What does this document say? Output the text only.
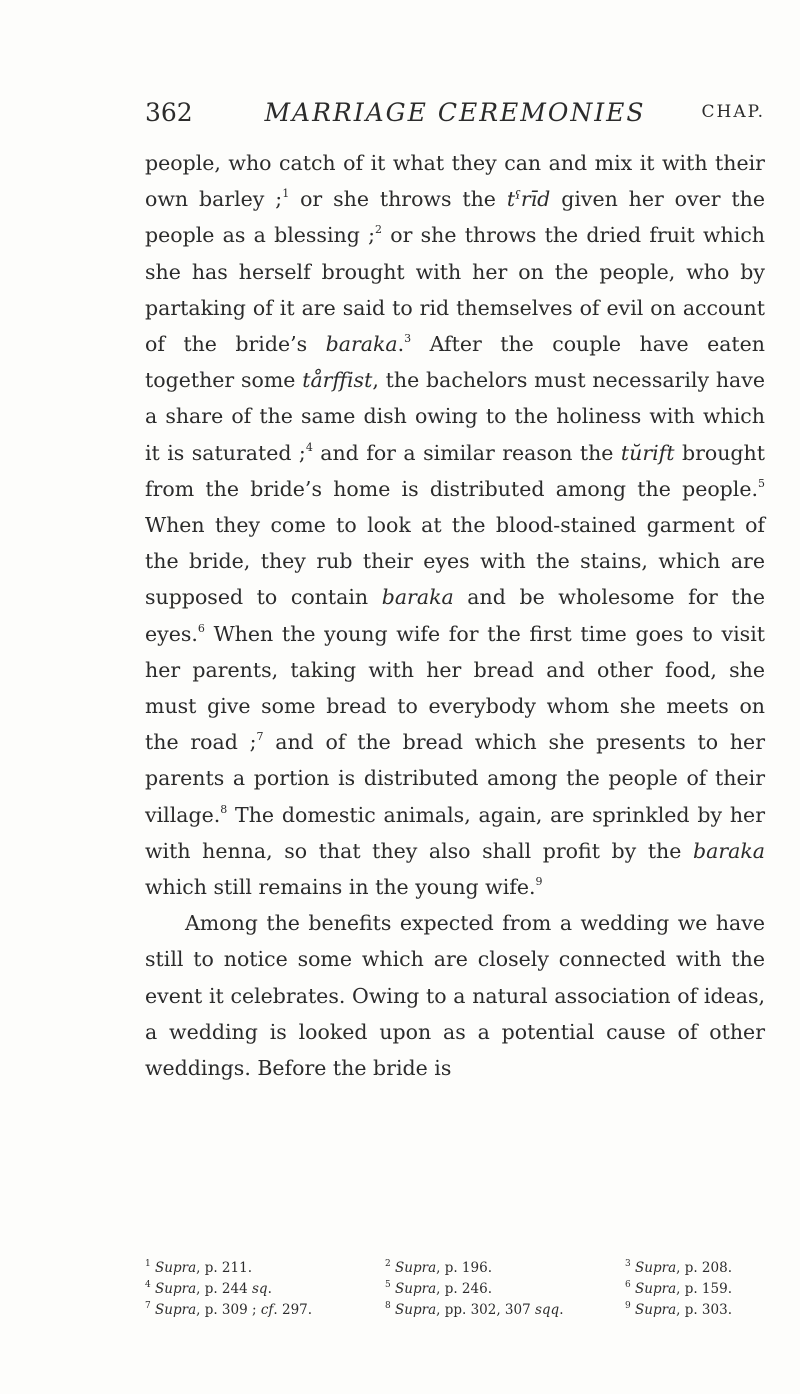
362	MARRIAGE CEREMONIES	CHAP.

people, who catch of it what they can and mix it with their own barley ;$^1$ or she throws the tˁrīd given her over the people as a blessing ;$^2$ or she throws the dried fruit which she has herself brought with her on the people, who by partaking of it are said to rid themselves of evil on account of the bride’s baraka.$^3$ After the couple have eaten together some tårffist, the bachelors must necessarily have a share of the same dish owing to the holiness with which it is saturated ;$^4$ and for a similar reason the tŭrift brought from the bride’s home is distributed among the people.$^5$ When they come to look at the blood-stained garment of the bride, they rub their eyes with the stains, which are supposed to contain baraka and be wholesome for the eyes.$^6$ When the young wife for the first time goes to visit her parents, taking with her bread and other food, she must give some bread to everybody whom she meets on the road ;$^7$ and of the bread which she presents to her parents a portion is distributed among the people of their village.$^8$ The domestic animals, again, are sprinkled by her with henna, so that they also shall profit by the baraka which still remains in the young wife.$^9$

Among the benefits expected from a wedding we have still to notice some which are closely connected with the event it celebrates. Owing to a natural association of ideas, a wedding is looked upon as a potential cause of other weddings. Before the bride is

$^1$ Supra, p. 211.	$^2$ Supra, p. 196.	$^3$ Supra, p. 208.
$^4$ Supra, p. 244 sq.	$^5$ Supra, p. 246.	$^6$ Supra, p. 159.
$^7$ Supra, p. 309 ; cf. 297.	$^8$ Supra, pp. 302, 307 sqq.	$^9$ Supra, p. 303.
